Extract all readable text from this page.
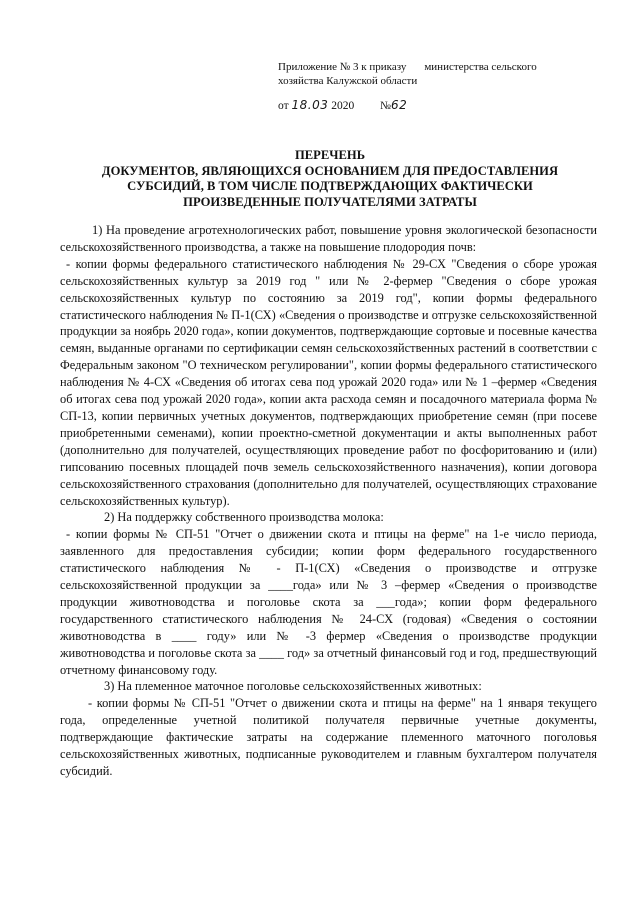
Приложение № 3 к приказу министерства сельского
хозяйства Калужской области
от 18.03 2020 №62
ПЕРЕЧЕНЬ
ДОКУМЕНТОВ, ЯВЛЯЮЩИХСЯ ОСНОВАНИЕМ ДЛЯ ПРЕДОСТАВЛЕНИЯ
СУБСИДИЙ, В ТОМ ЧИСЛЕ ПОДТВЕРЖДАЮЩИХ ФАКТИЧЕСКИ
ПРОИЗВЕДЕННЫЕ ПОЛУЧАТЕЛЯМИ ЗАТРАТЫ

1) На проведение агротехнологических работ, повышение уровня экологической безопасности сельскохозяйственного производства, а также на повышение плодородия почв:

- копии формы федерального статистического наблюдения № 29-СХ "Сведения о сборе урожая сельскохозяйственных культур за 2019 год " или № 2-фермер "Сведения о сборе урожая сельскохозяйственных культур по состоянию за 2019 год", копии формы федерального статистического наблюдения № П-1(СХ) «Сведения о производстве и отгрузке сельскохозяйственной продукции за ноябрь 2020 года», копии документов, подтверждающие сортовые и посевные качества семян, выданные органами по сертификации семян сельскохозяйственных растений в соответствии с Федеральным законом "О техническом регулировании", копии формы федерального статистического наблюдения № 4-СХ «Сведения об итогах сева под урожай 2020 года» или № 1 –фермер «Сведения об итогах сева под урожай 2020 года», копии акта расхода семян и посадочного материала форма № СП-13, копии первичных учетных документов, подтверждающих приобретение семян (при посеве приобретенными семенами), копии проектно-сметной документации и акты выполненных работ (дополнительно для получателей, осуществляющих проведение работ по фосфоритованию и (или) гипсованию посевных площадей почв земель сельскохозяйственного назначения), копии договора сельскохозяйственного страхования (дополнительно для получателей, осуществляющих страхование сельскохозяйственных культур).

2) На поддержку собственного производства молока:

- копии формы № СП-51 "Отчет о движении скота и птицы на ферме" на 1-е число периода, заявленного для предоставления субсидии; копии форм федерального государственного статистического наблюдения № - П-1(СХ) «Сведения о производстве и отгрузке сельскохозяйственной продукции за ____года» или № 3 –фермер «Сведения о производстве продукции животноводства и поголовье скота за ___года»; копии форм федерального государственного статистического наблюдения № 24-СХ (годовая) «Сведения о состоянии животноводства в ____ году» или № -3 фермер «Сведения о производстве продукции животноводства и поголовье скота за ____ год» за отчетный финансовый год и год, предшествующий отчетному финансовому году.

3) На племенное маточное поголовье сельскохозяйственных животных:

- копии формы № СП-51 "Отчет о движении скота и птицы на ферме" на 1 января текущего года, определенные учетной политикой получателя первичные учетные документы, подтверждающие фактические затраты на содержание племенного маточного поголовья сельскохозяйственных животных, подписанные руководителем и главным бухгалтером получателя субсидий.
